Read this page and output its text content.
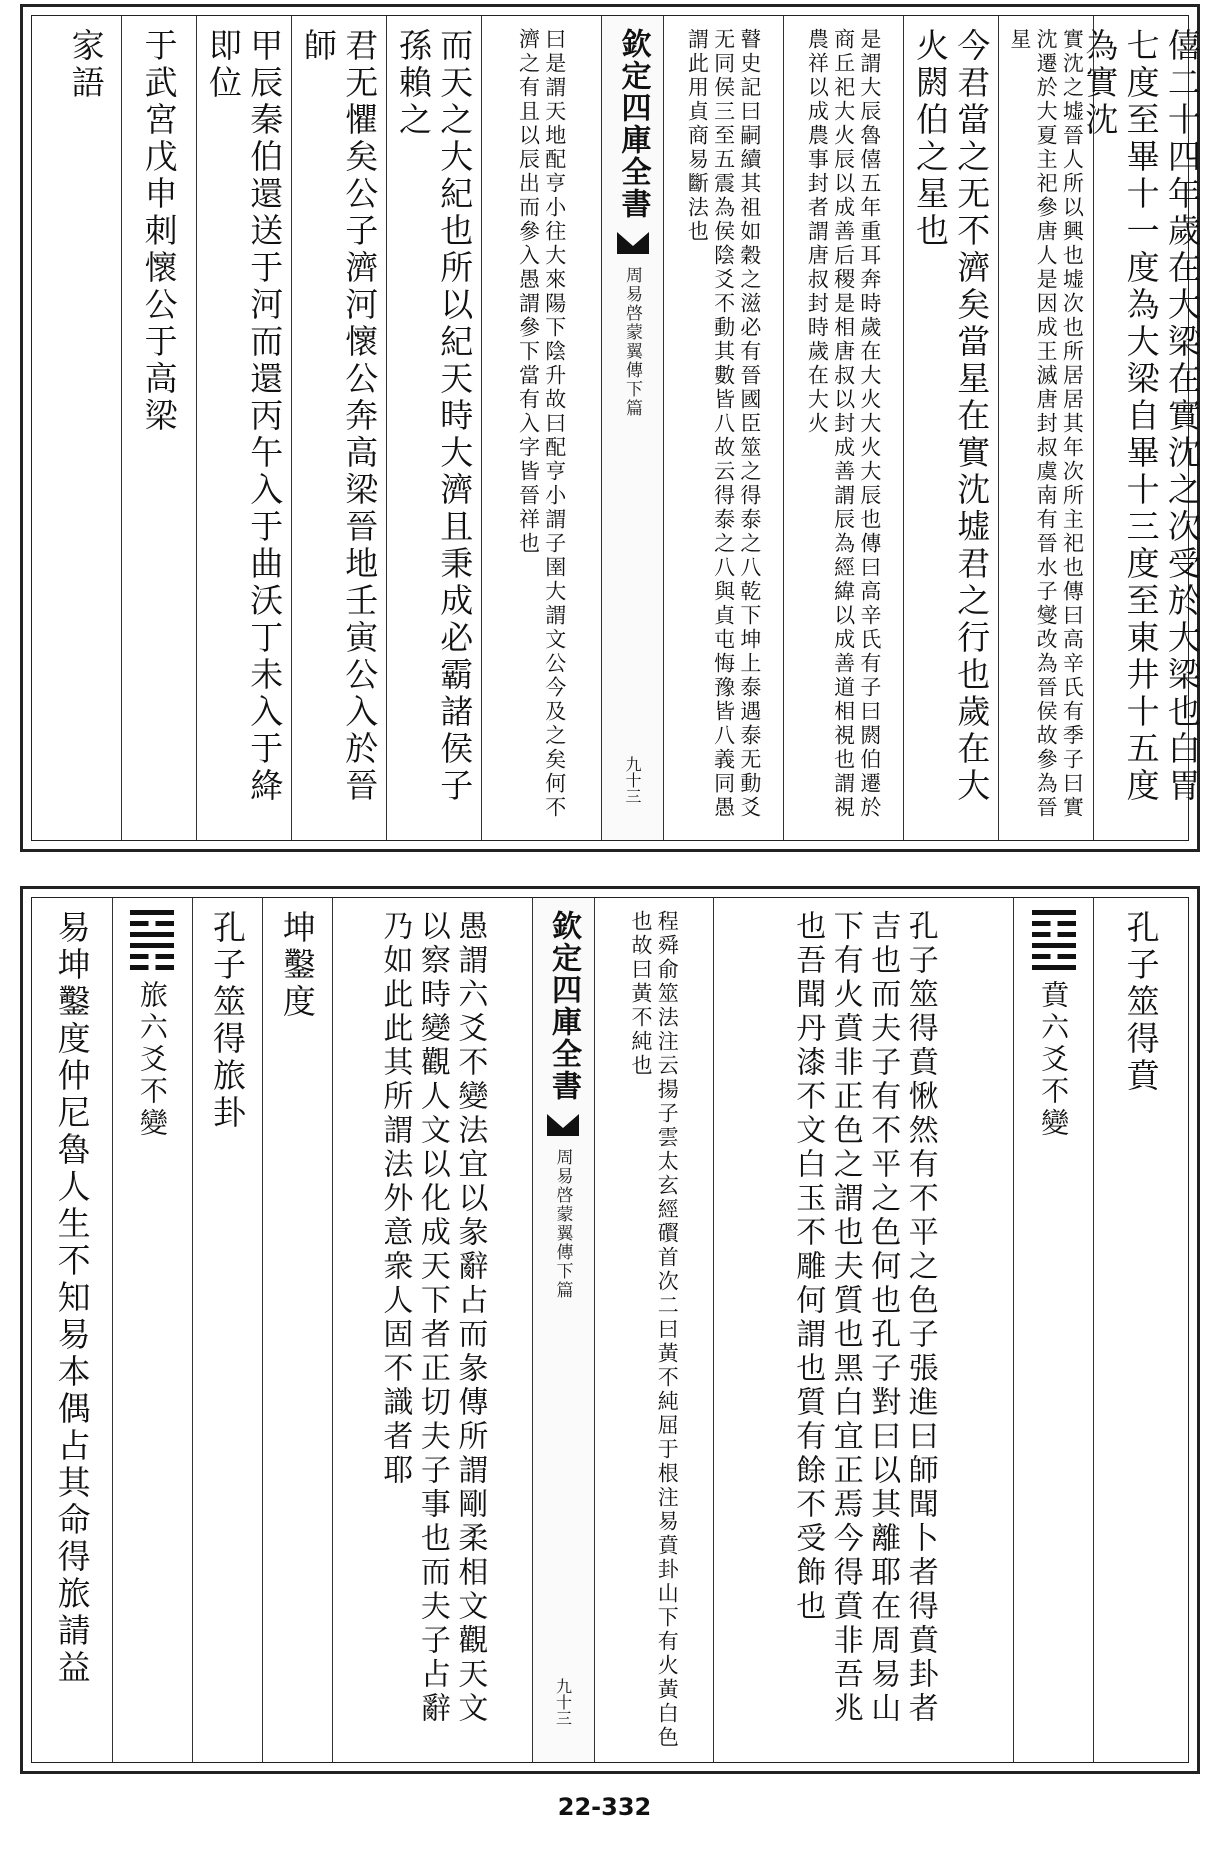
僖二十四年歲在大梁在實沈之次受於大梁也白胃七度至畢十一度為大梁自畢十三度至東井十五度為實沈
實沈之墟晉人所以興也墟次也所居居其年次所主祀也傳曰高辛氏有季子曰實沈遷於大夏主祀參唐人是因成王滅唐封叔虞南有晉水子燮改為晉侯故參為晉星
今君當之无不濟矣當星在實沈墟君之行也歲在大火閼伯之星也
是謂大辰魯僖五年重耳奔時歲在大火大火大辰也傳曰高辛氏有子曰閼伯遷於商丘祀大火辰以成善后稷是相唐叔以封成善謂辰為經緯以成善道相視也謂視農祥以成農事封者謂唐叔封時歲在大火
瞽史記曰嗣續其祖如穀之滋必有晉國臣筮之得泰之八乾下坤上泰遇泰无動爻无同侯三至五震為侯陰爻不動其數皆八故云得泰之八與貞屯悔豫皆八義同愚謂此用貞商易斷法也
欽定四庫全書
周易啓蒙翼傳下篇
九十三
曰是謂天地配亨小往大來陽下陰升故曰配亨小謂子圉大謂文公今及之矣何不濟之有且以辰出而參入愚謂參下當有入字皆晉祥也
而天之大紀也所以紀天時大濟且秉成必霸諸侯子孫賴之
君无懼矣公子濟河懷公奔高梁晉地壬寅公入於晉師
甲辰秦伯還送于河而還丙午入于曲沃丁未入于絳即位
于武宮戊申刺懷公于高梁
家語
孔子筮得賁
賁六爻不變
孔子筮得賁愀然有不平之色子張進曰師聞卜者得賁卦者吉也而夫子有不平之色何也孔子對曰以其離耶在周易山下有火賁非正色之謂也夫質也黑白宜正焉今得賁非吾兆也吾聞丹漆不文白玉不雕何謂也質有餘不受飾也
程舜俞筮法注云揚子雲太玄經礥首次二曰黃不純屈于根注易賁卦山下有火黃白色也故曰黃不純也
欽定四庫全書
周易啓蒙翼傳下篇
九十三
愚謂六爻不變法宜以彖辭占而彖傳所謂剛柔相文觀天文以察時變觀人文以化成天下者正切夫子事也而夫子占辭乃如此此其所謂法外意衆人固不識者耶
坤鑿度
孔子筮得旅卦
旅六爻不變
易坤鑿度仲尼魯人生不知易本偶占其命得旅請益
22-332
